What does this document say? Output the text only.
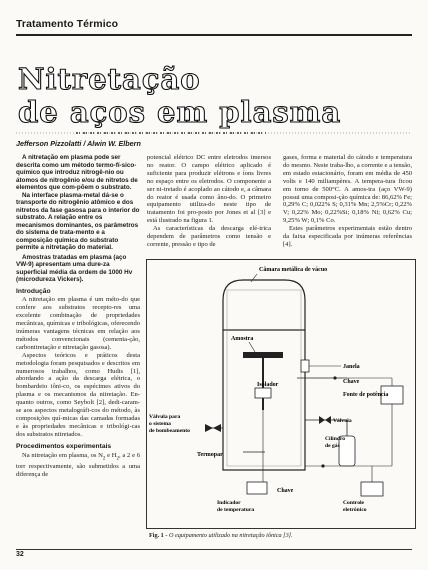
Tratamento Térmico
Nitretação
de aços em plasma
Jefferson Pizzolatti / Alwin W. Elbern

A nitretação em plasma pode ser descrita como um método termo-fí-sico-químico que introduz nitrogê-nio ou átomos de nitrogênio e/ou de nitretos de elementos que com-põem o substrato.

Na interface plasma-metal dá-se o transporte do nitrogênio atômico e dos nitretos da fase gasosa para o interior do substrato. A relação entre os mecanismos dominantes, os parâmetros do sistema de trata-mento e a composição química do substrato permite a nitretação do material.

Amostras tratadas em plasma (aço VW-9) apresentam uma dure-za superficial média da ordem de 1000 Hv (microdureza Vickers).

Introdução

A nitretação em plasma é um méto-do que confere aos substratos recepto-res uma excelente combinação de propriedades mecânicas, químicas e tribológicas, oferecendo inúmeras vantagens técnicas em relação aos métodos convencionais (cementa-ção, carbonitretação e nitretação gasosa).

Aspectos teóricos e práticos desta metodologia foram pesquisados e descritos em numerosos trabalhos, como Hudis [1], abordando a ação da descarga elétrica, o bombardeio iôni-co, os espécimes ativos do plasma e os mecanismos da nitretação. En-quanto outros, como Seybolt [2], dedi-caram-se aos aspectos metalográfi-cos do método, às composições quí-micas das camadas formadas e às propriedades mecânicas e tribológi-cas dos substratos nitretados.

Procedimentos experimentais

Na nitretação em plasma, os $N_2$ e $H_2$, a 2 e 6 torr respectivamente, são submetidos a uma diferença de

potencial elétrico DC entre eletrodos imersos no reator. O campo elétrico aplicado é suficiente para produzir elétrons e íons livres no espaço entre os eletrodos. O componente a ser ni-tretado é acoplado ao cátodo e, a câmara do reator é usada como âno-do. O primeiro equipamento utiliza-do neste tipo de tratamento foi pro-posto por Jones et al [3] e está ilustrado na figura 1.

As características da descarga elé-trica dependem de parâmetros como tensão e corrente, pressão e tipo de

gases, forma e material do cátodo e temperatura do mesmo. Neste traba-lho, a corrente e a tensão, em estado estacionário, foram em média de 450 volts e 140 miliampères. A tempera-tura ficou em torno de 500°C. A amos-tra (aço VW-9) possui uma composi-ção química de: 86,62% Fe; 0,29% C; 0,022% S; 0,31% Mn; 2,5%Cr; 0,22% V; 0,22% Mo; 0,22%Si; 0,18% Ni; 0,62% Cu; 9,25% W; 0,1% Co.

Estes parâmetros experimentais estão dentro da faixa especificada por inúmeras referências [4].

Câmara metálica de vácuo
Amostra
Janela
Isolador	Chave
Fonte de potência
Válvula para
o sistema
de bombeamento
Válvula
Cilindro
de gás
Termopar
Indicador
de temperatura
Chave
Controle
eletrônico
Fig. 1 - O equipamento utilizado na nitretação iônica [3].
32
